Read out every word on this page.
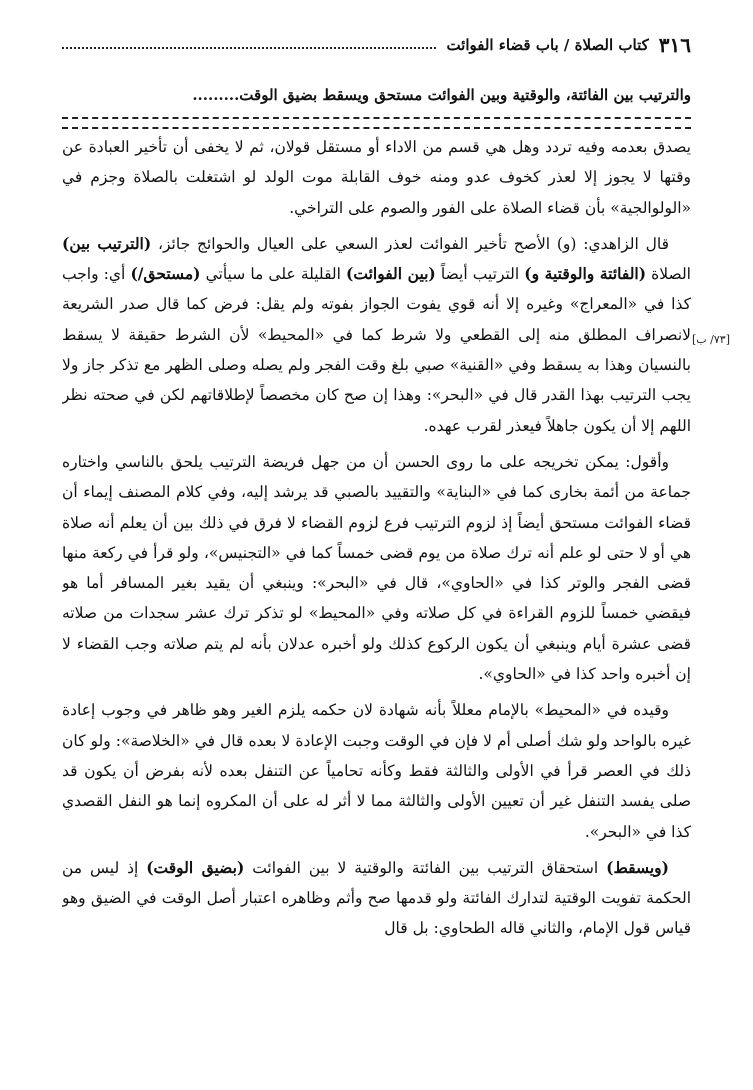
٣١٦
كتاب الصلاة / باب قضاء الفوائت
والترتيب بين الفائتة، والوقتية وبين الفوائت مستحق ويسقط بضيق الوقت.........
[٧٣/ ب]

يصدق بعدمه وفيه تردد وهل هي قسم من الاداء أو مستقل قولان، ثم لا يخفى أن تأخير العبادة عن وقتها لا يجوز إلا لعذر كخوف عدو ومنه خوف القابلة موت الولد لو اشتغلت بالصلاة وجزم في «الولوالجية» بأن قضاء الصلاة على الفور والصوم على التراخي.

قال الزاهدي: (و) الأصح تأخير الفوائت لعذر السعي على العيال والحوائج جائز، (الترتيب بين) الصلاة (الفائتة والوقتية و) الترتيب أيضاً (بين الفوائت) القليلة على ما سيأتي (مستحق/) أي: واجب كذا في «المعراج» وغيره إلا أنه قوي يفوت الجواز بفوته ولم يقل: فرض كما قال صدر الشريعة لانصراف المطلق منه إلى القطعي ولا شرط كما في «المحيط» لأن الشرط حقيقة لا يسقط بالنسيان وهذا به يسقط وفي «القنية» صبي بلغ وقت الفجر ولم يصله وصلى الظهر مع تذكر جاز ولا يجب الترتيب بهذا القدر قال في «البحر»: وهذا إن صح كان مخصصاً لإطلاقاتهم لكن في صحته نظر اللهم إلا أن يكون جاهلاً فيعذر لقرب عهده.

وأقول: يمكن تخريجه على ما روى الحسن أن من جهل فريضة الترتيب يلحق بالناسي واختاره جماعة من أئمة بخارى كما في «البناية» والتقييد بالصبي قد يرشد إليه، وفي كلام المصنف إيماء أن قضاء الفوائت مستحق أيضاً إذ لزوم الترتيب فرع لزوم القضاء لا فرق في ذلك بين أن يعلم أنه صلاة هي أو لا حتى لو علم أنه ترك صلاة من يوم قضى خمساً كما في «التجنيس»، ولو قرأ في ركعة منها قضى الفجر والوتر كذا في «الحاوي»، قال في «البحر»: وينبغي أن يقيد بغير المسافر أما هو فيقضي خمساً للزوم القراءة في كل صلاته وفي «المحيط» لو تذكر ترك عشر سجدات من صلاته قضى عشرة أيام وينبغي أن يكون الركوع كذلك ولو أخبره عدلان بأنه لم يتم صلاته وجب القضاء لا إن أخبره واحد كذا في «الحاوي».

وقيده في «المحيط» بالإمام معللاً بأنه شهادة لان حكمه يلزم الغير وهو ظاهر في وجوب إعادة غيره بالواحد ولو شك أصلى أم لا فإن في الوقت وجبت الإعادة لا بعده قال في «الخلاصة»: ولو كان ذلك في العصر قرأ في الأولى والثالثة فقط وكأنه تحامياً عن التنفل بعده لأنه بفرض أن يكون قد صلى يفسد التنفل غير أن تعيين الأولى والثالثة مما لا أثر له على أن المكروه إنما هو النفل القصدي كذا في «البحر».

(ويسقط) استحقاق الترتيب بين الفائتة والوقتية لا بين الفوائت (بضيق الوقت) إذ ليس من الحكمة تفويت الوقتية لتدارك الفائتة ولو قدمها صح وأثم وظاهره اعتبار أصل الوقت في الضيق وهو قياس قول الإمام، والثاني قاله الطحاوي: بل قال
